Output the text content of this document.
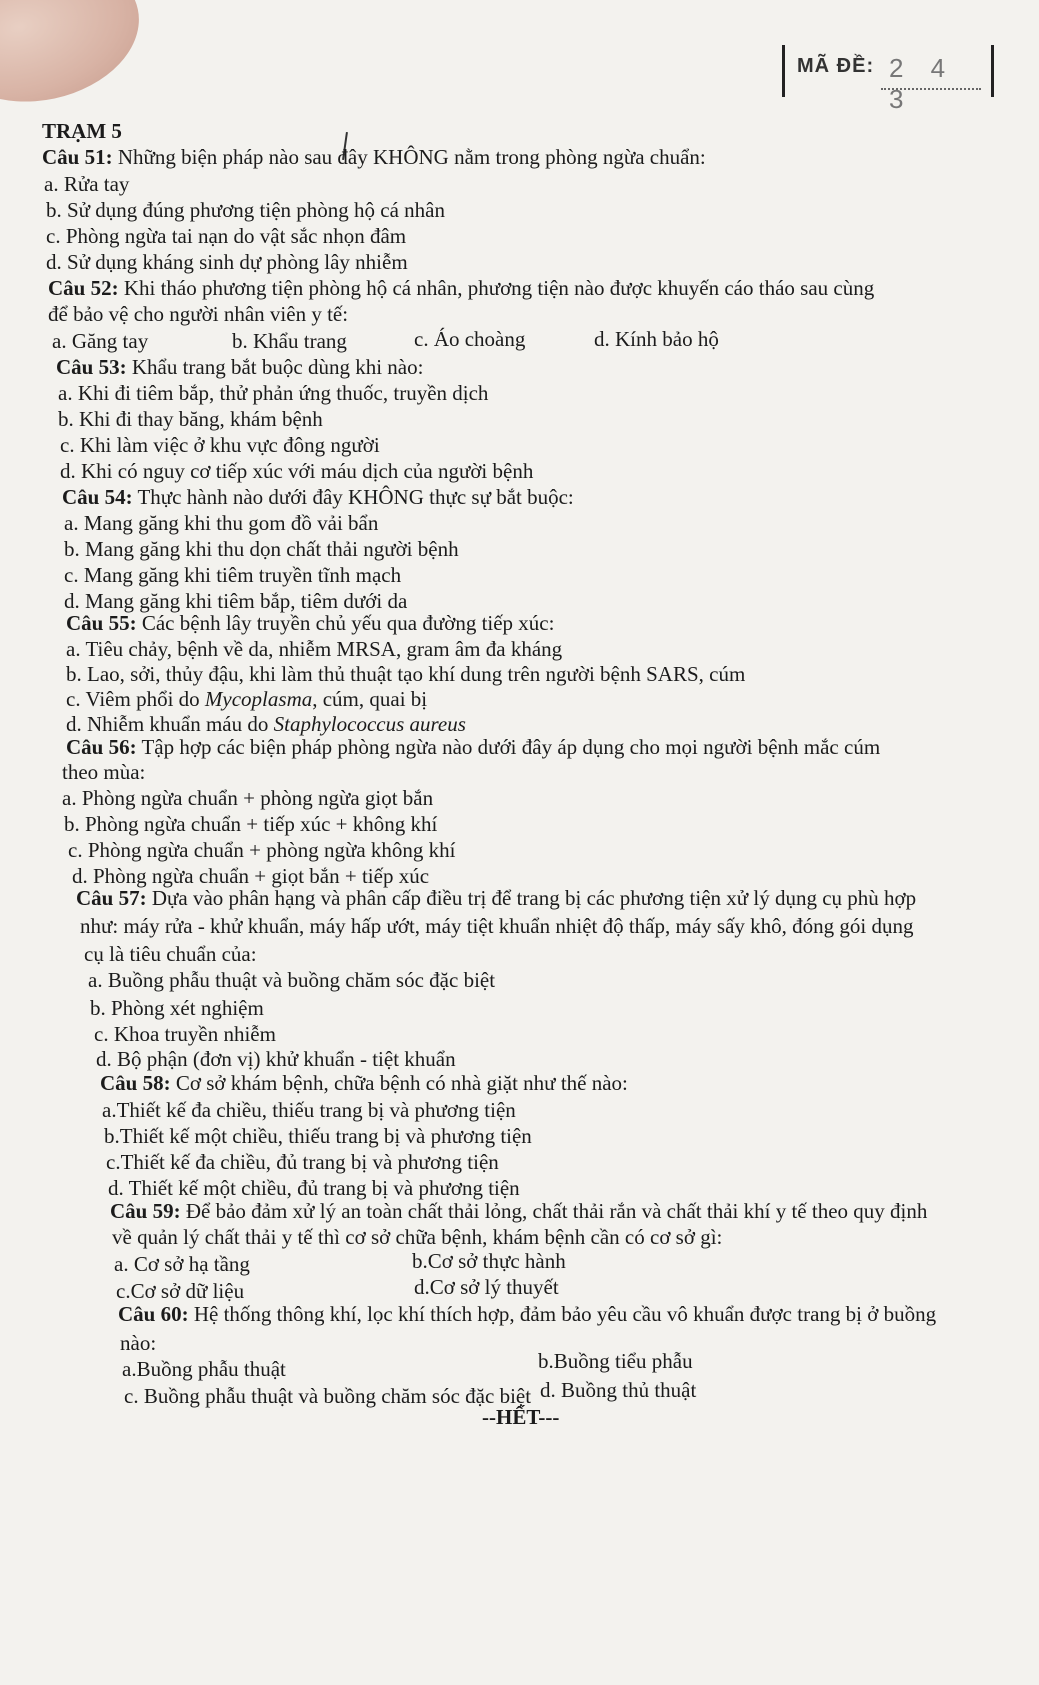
MÃ ĐỀ: 2 4 3
TRẠM 5
Câu 51: Những biện pháp nào sau đây KHÔNG nằm trong phòng ngừa chuẩn:
a. Rửa tay
b. Sử dụng đúng phương tiện phòng hộ cá nhân
c. Phòng ngừa tai nạn do vật sắc nhọn đâm
d. Sử dụng kháng sinh dự phòng lây nhiễm
Câu 52: Khi tháo phương tiện phòng hộ cá nhân, phương tiện nào được khuyến cáo tháo sau cùng
để bảo vệ cho người nhân viên y tế:
a. Găng tay	b. Khẩu trang	c. Áo choàng	d. Kính bảo hộ
Câu 53: Khẩu trang bắt buộc dùng khi nào:
a. Khi đi tiêm bắp, thử phản ứng thuốc, truyền dịch
b. Khi đi thay băng, khám bệnh
c. Khi làm việc ở khu vực đông người
d. Khi có nguy cơ tiếp xúc với máu dịch của người bệnh
Câu 54: Thực hành nào dưới đây KHÔNG thực sự bắt buộc:
a. Mang găng khi thu gom đồ vải bẩn
b. Mang găng khi thu dọn chất thải người bệnh
c. Mang găng khi tiêm truyền tĩnh mạch
d. Mang găng khi tiêm bắp, tiêm dưới da
Câu 55: Các bệnh lây truyền chủ yếu qua đường tiếp xúc:
a. Tiêu chảy, bệnh về da, nhiễm MRSA, gram âm đa kháng
b. Lao, sởi, thủy đậu, khi làm thủ thuật tạo khí dung trên người bệnh SARS, cúm
c. Viêm phổi do Mycoplasma, cúm, quai bị
d. Nhiễm khuẩn máu do Staphylococcus aureus
Câu 56: Tập hợp các biện pháp phòng ngừa nào dưới đây áp dụng cho mọi người bệnh mắc cúm
theo mùa:
a. Phòng ngừa chuẩn + phòng ngừa giọt bắn
b. Phòng ngừa chuẩn + tiếp xúc + không khí
c. Phòng ngừa chuẩn + phòng ngừa không khí
d. Phòng ngừa chuẩn + giọt bắn + tiếp xúc
Câu 57: Dựa vào phân hạng và phân cấp điều trị để trang bị các phương tiện xử lý dụng cụ phù hợp
như: máy rửa - khử khuẩn, máy hấp ướt, máy tiệt khuẩn nhiệt độ thấp, máy sấy khô, đóng gói dụng
cụ là tiêu chuẩn của:
a. Buồng phẫu thuật và buồng chăm sóc đặc biệt
b. Phòng xét nghiệm
c. Khoa truyền nhiễm
d. Bộ phận (đơn vị) khử khuẩn - tiệt khuẩn
Câu 58: Cơ sở khám bệnh, chữa bệnh có nhà giặt như thế nào:
a.Thiết kế đa chiều, thiếu trang bị và phương tiện
b.Thiết kế một chiều, thiếu trang bị và phương tiện
c.Thiết kế đa chiều, đủ trang bị và phương tiện
d. Thiết kế một chiều, đủ trang bị và phương tiện
Câu 59: Để bảo đảm xử lý an toàn chất thải lỏng, chất thải rắn và chất thải khí y tế theo quy định
về quản lý chất thải y tế thì cơ sở chữa bệnh, khám bệnh cần có cơ sở gì:
a. Cơ sở hạ tầng	b.Cơ sở thực hành
c.Cơ sở dữ liệu	d.Cơ sở lý thuyết
Câu 60: Hệ thống thông khí, lọc khí thích hợp, đảm bảo yêu cầu vô khuẩn được trang bị ở buồng
nào:
a.Buồng phẫu thuật	b.Buồng tiểu phẫu
c. Buồng phẫu thuật và buồng chăm sóc đặc biệt d. Buồng thủ thuật
--HẾT---
